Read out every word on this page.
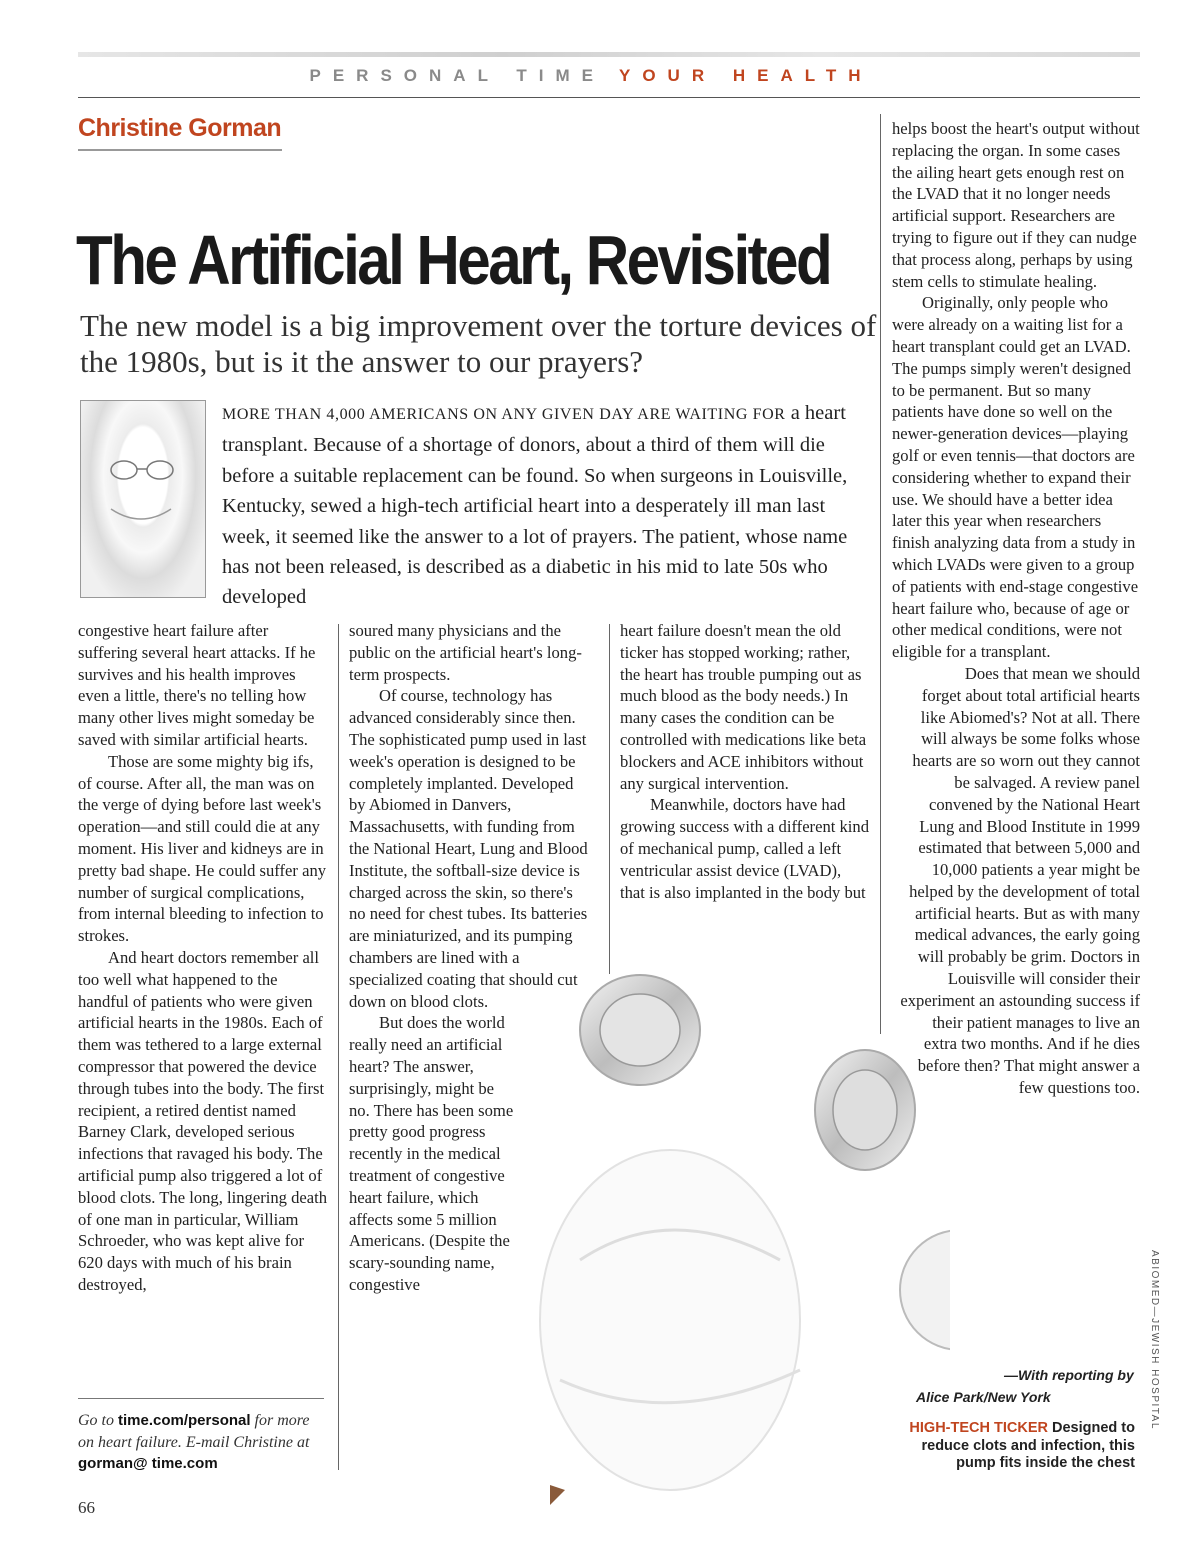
PERSONAL TIME YOUR HEALTH
Christine Gorman
The Artificial Heart, Revisited
The new model is a big improvement over the torture devices of the 1980s, but is it the answer to our prayers?
MORE THAN 4,000 AMERICANS ON ANY GIVEN DAY ARE WAITING FOR a heart transplant. Because of a shortage of donors, about a third of them will die before a suitable replacement can be found. So when surgeons in Louisville, Kentucky, sewed a high-tech artificial heart into a desperately ill man last week, it seemed like the answer to a lot of prayers. The patient, whose name has not been released, is described as a diabetic in his mid to late 50s who developed

congestive heart failure after suffering several heart attacks. If he survives and his health improves even a little, there's no telling how many other lives might someday be saved with similar artificial hearts.

Those are some mighty big ifs, of course. After all, the man was on the verge of dying before last week's operation—and still could die at any moment. His liver and kidneys are in pretty bad shape. He could suffer any number of surgical complications, from internal bleeding to infection to strokes.

And heart doctors remember all too well what happened to the handful of patients who were given artificial hearts in the 1980s. Each of them was tethered to a large external compressor that powered the device through tubes into the body. The first recipient, a retired dentist named Barney Clark, developed serious infections that ravaged his body. The artificial pump also triggered a lot of blood clots. The long, lingering death of one man in particular, William Schroeder, who was kept alive for 620 days with much of his brain destroyed,

Go to time.com/personal for more on heart failure. E-mail Christine at gorman@ time.com

soured many physicians and the public on the artificial heart's long-term prospects.

Of course, technology has advanced considerably since then. The sophisticated pump used in last week's operation is designed to be completely implanted. Developed by Abiomed in Danvers, Massachusetts, with funding from the National Heart, Lung and Blood Institute, the softball-size device is charged across the skin, so there's no need for chest tubes. Its batteries are miniaturized, and its pumping chambers are lined with a specialized coating that should cut down on blood clots.

But does the world really need an artificial heart? The answer, surprisingly, might be no. There has been some pretty good progress recently in the medical treatment of congestive heart failure, which affects some 5 million Americans. (Despite the scary-sounding name, congestive

heart failure doesn't mean the old ticker has stopped working; rather, the heart has trouble pumping out as much blood as the body needs.) In many cases the condition can be controlled with medications like beta blockers and ACE inhibitors without any surgical intervention.

Meanwhile, doctors have had growing success with a different kind of mechanical pump, called a left ventricular assist device (LVAD), that is also implanted in the body but

helps boost the heart's output without replacing the organ. In some cases the ailing heart gets enough rest on the LVAD that it no longer needs artificial support. Researchers are trying to figure out if they can nudge that process along, perhaps by using stem cells to stimulate healing.

Originally, only people who were already on a waiting list for a heart transplant could get an LVAD. The pumps simply weren't designed to be permanent. But so many patients have done so well on the newer-generation devices—playing golf or even tennis—that doctors are considering whether to expand their use. We should have a better idea later this year when researchers finish analyzing data from a study in which LVADs were given to a group of patients with end-stage congestive heart failure who, because of age or other medical conditions, were not eligible for a transplant.

Does that mean we should forget about total artificial hearts like Abiomed's? Not at all. There will always be some folks whose hearts are so worn out they cannot be salvaged. A review panel convened by the National Heart Lung and Blood Institute in 1999 estimated that between 5,000 and 10,000 patients a year might be helped by the development of total artificial hearts. But as with many medical advances, the early going will probably be grim. Doctors in Louisville will consider their experiment an astounding success if their patient manages to live an extra two months. And if he dies before then? That might answer a few questions too.

—With reporting by
Alice Park/New York	ABIOMED—JEWISH HOSPITAL
HIGH-TECH TICKER Designed to reduce clots and infection, this pump fits inside the chest
66
